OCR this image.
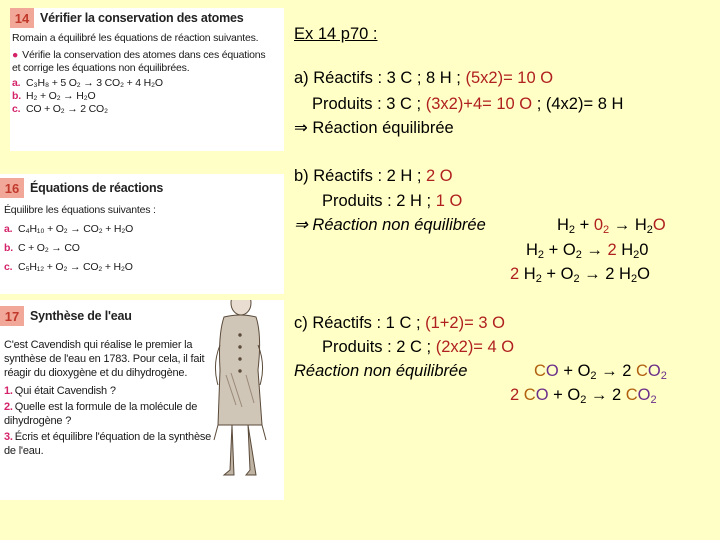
14 Vérifier la conservation des atomes
Romain a équilibré les équations de réaction suivantes.
● Vérifie la conservation des atomes dans ces équations
et corrige les équations non équilibrées.
a. C₃H₈ + 5 O₂ → 3 CO₂ + 4 H₂O
b. H₂ + O₂ → H₂O
c. CO + O₂ → 2 CO₂
16 Équations de réactions
Équilibre les équations suivantes :
a. C₄H₁₀ + O₂ → CO₂ + H₂O
b. C + O₂ → CO
c. C₅H₁₂ + O₂ → CO₂ + H₂O
17 Synthèse de l'eau
C'est Cavendish qui réalise le premier la synthèse de l'eau en 1783. Pour cela, il fait réagir du dioxygène et du dihydrogène.
1. Qui était Cavendish ?
2. Quelle est la formule de la molécule de dihydrogène ?
3. Écris et équilibre l'équation de la synthèse de l'eau.
Ex 14 p70 :
a) Réactifs : 3 C ; 8 H ; (5x2)= 10 O
Produits : 3 C ; (3x2)+4= 10 O ; (4x2)= 8 H
⇒ Réaction équilibrée
b) Réactifs : 2 H ; 2 O
Produits : 2 H ; 1 O
⇒ Réaction non équilibrée	$H_2 + 0_2 \to H_2O$
$H_2 + O_2 \to 2$ $H_20$
2 $H_2 + O_2 \to 2$ $H_2O$
c) Réactifs : 1 C ; (1+2)= 3 O
Produits : 2 C ; (2x2)= 4 O
Réaction non équilibrée	CO + $O_2 \to 2$ $CO_2$
2 CO + $O_2 \to 2$ $CO_2$
